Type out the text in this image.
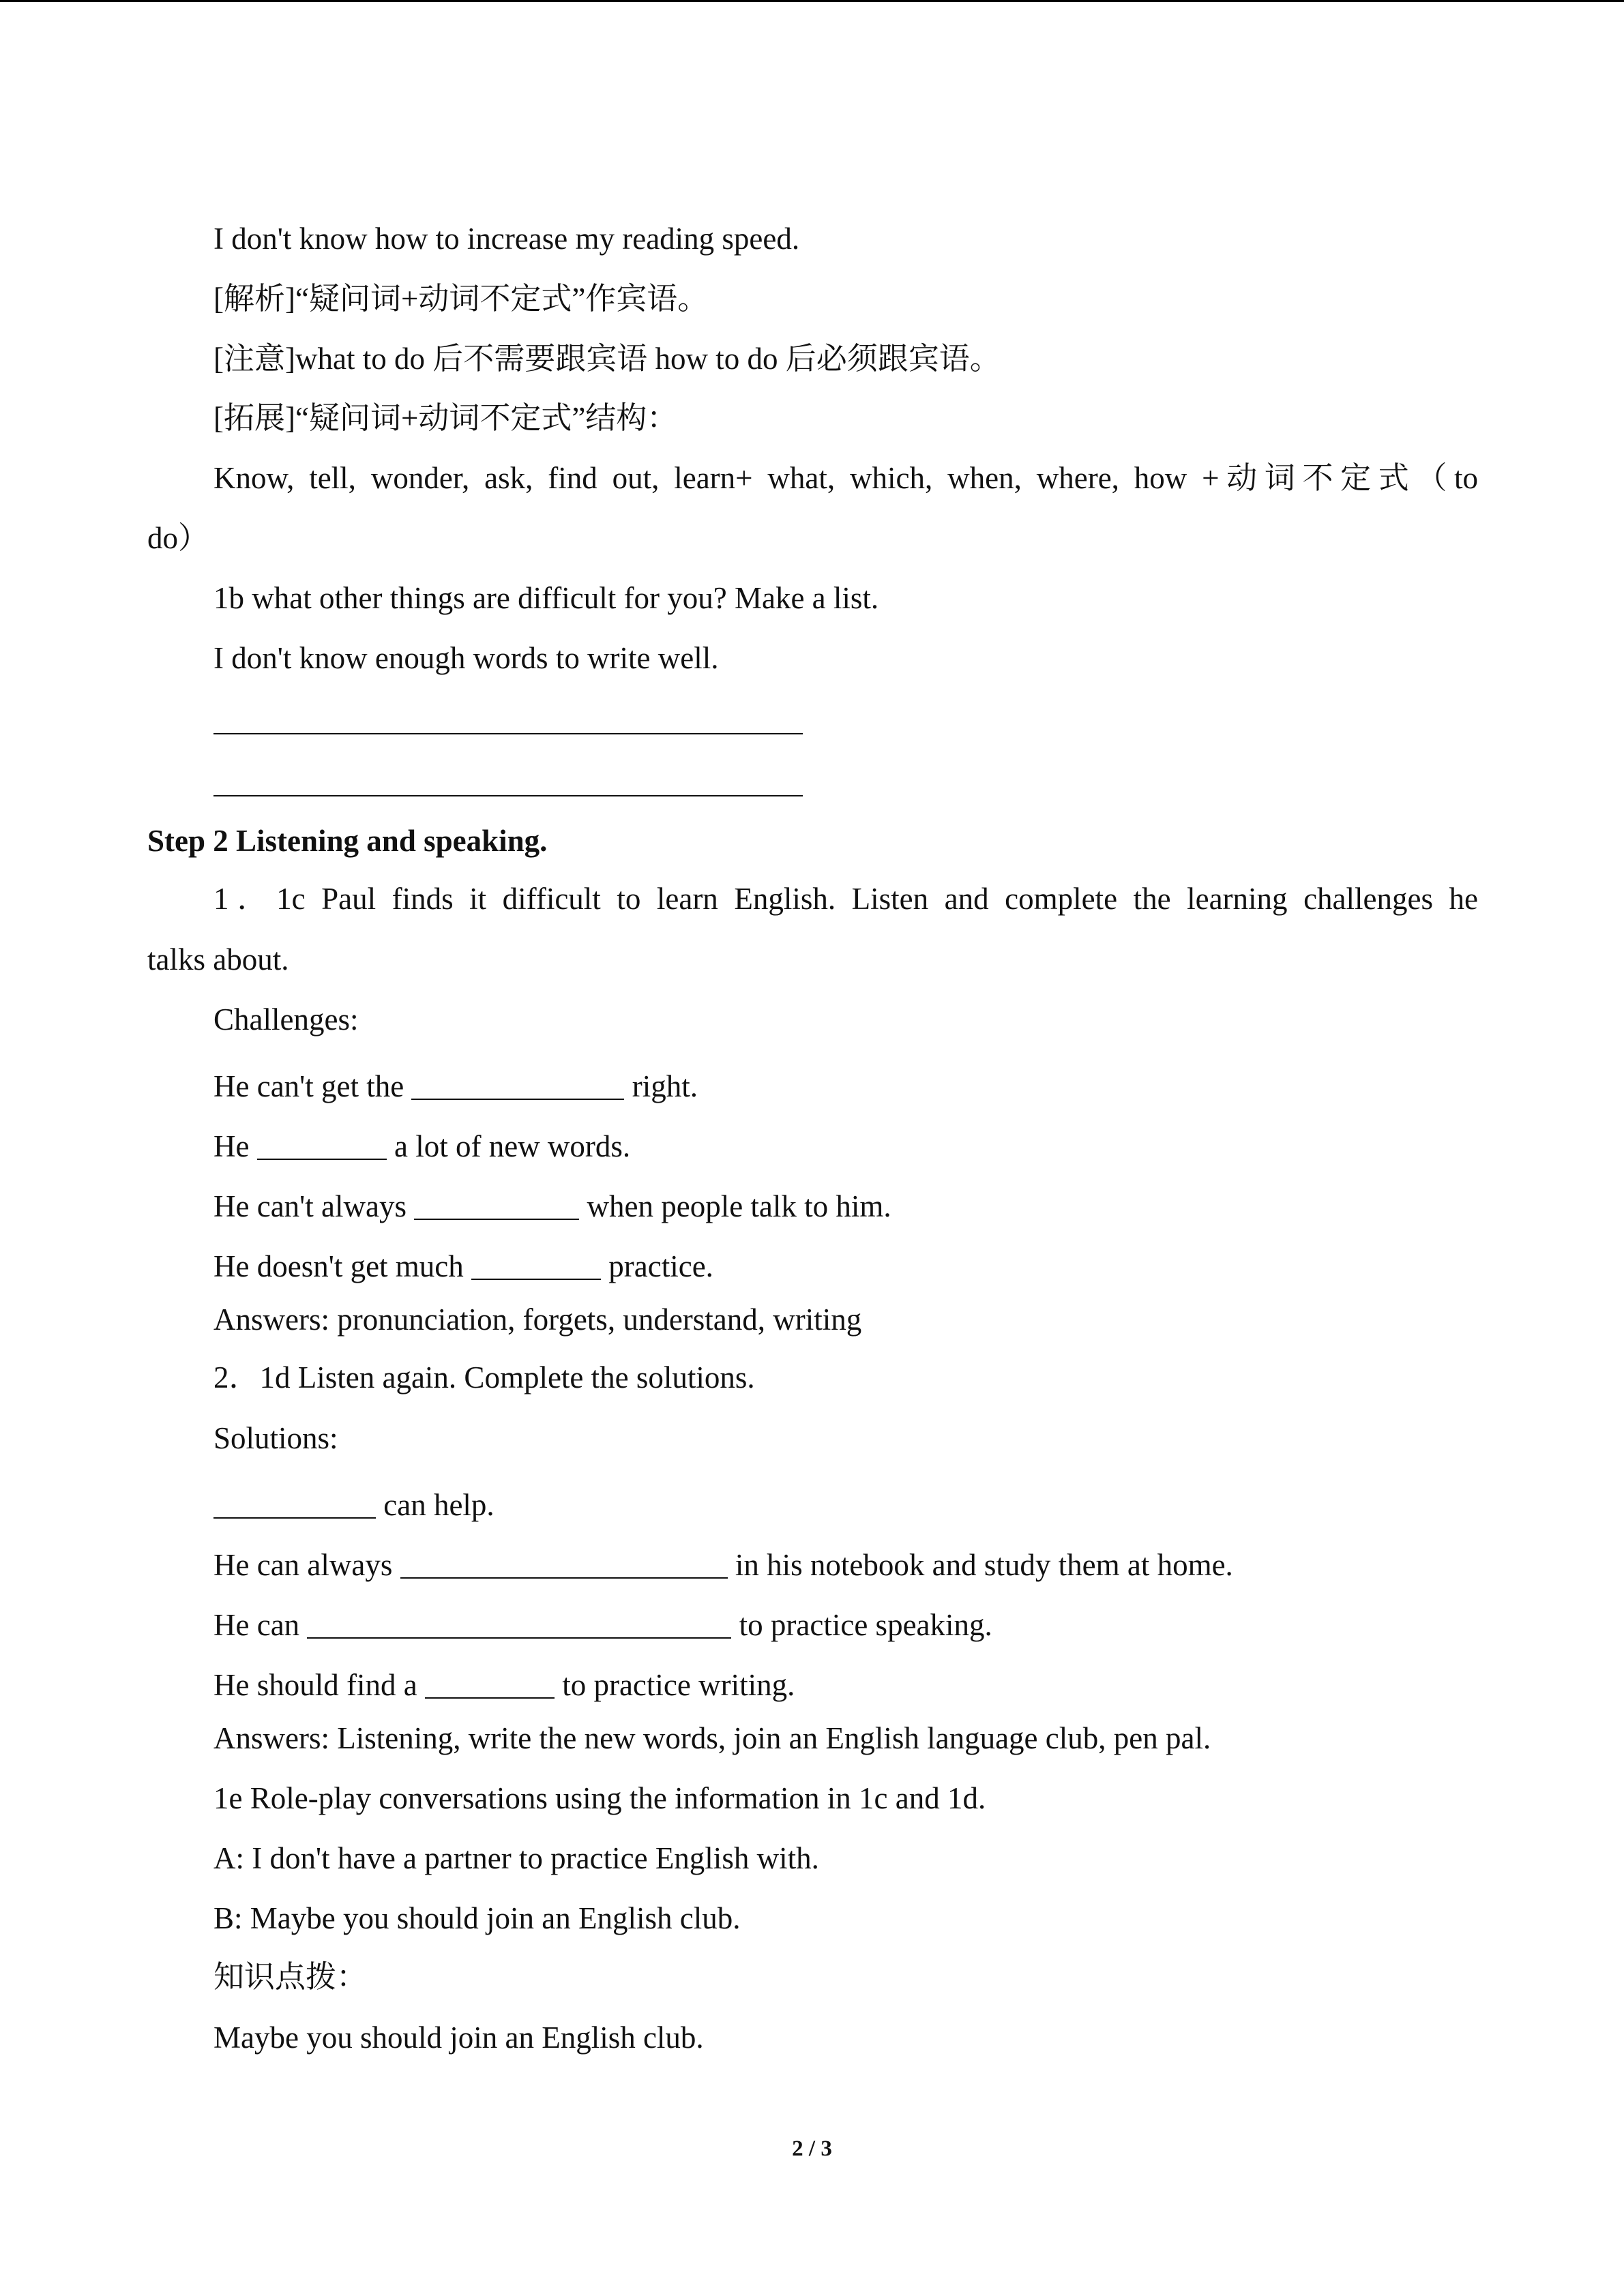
I don't know how to increase my reading speed.
[解析]“疑问词+动词不定式”作宾语。
[注意]what to do 后不需要跟宾语 how to do 后必须跟宾语。
[拓展]“疑问词+动词不定式”结构：
Know, tell, wonder, ask, find out, learn+ what, which, when, where, how +动词不定式（to
do）
1b what other things are difficult for you? Make a list.
I don't know enough words to write well.
Step 2 Listening and speaking.
1．1c Paul finds it difficult to learn English. Listen and complete the learning challenges he
talks about.
Challenges:
He can't get the	right.
He	a lot of new words.
He can't always	when people talk to him.
He doesn't get much	practice.
Answers: pronunciation, forgets, understand, writing
2．1d Listen again. Complete the solutions.
Solutions:
can help.
He can always	in his notebook and study them at home.
He can	to practice speaking.
He should find a	to practice writing.
Answers: Listening, write the new words, join an English language club, pen pal.
1e Role-play conversations using the information in 1c and 1d.
A: I don't have a partner to practice English with.
B: Maybe you should join an English club.
知识点拨：
Maybe you should join an English club.
2 / 3
